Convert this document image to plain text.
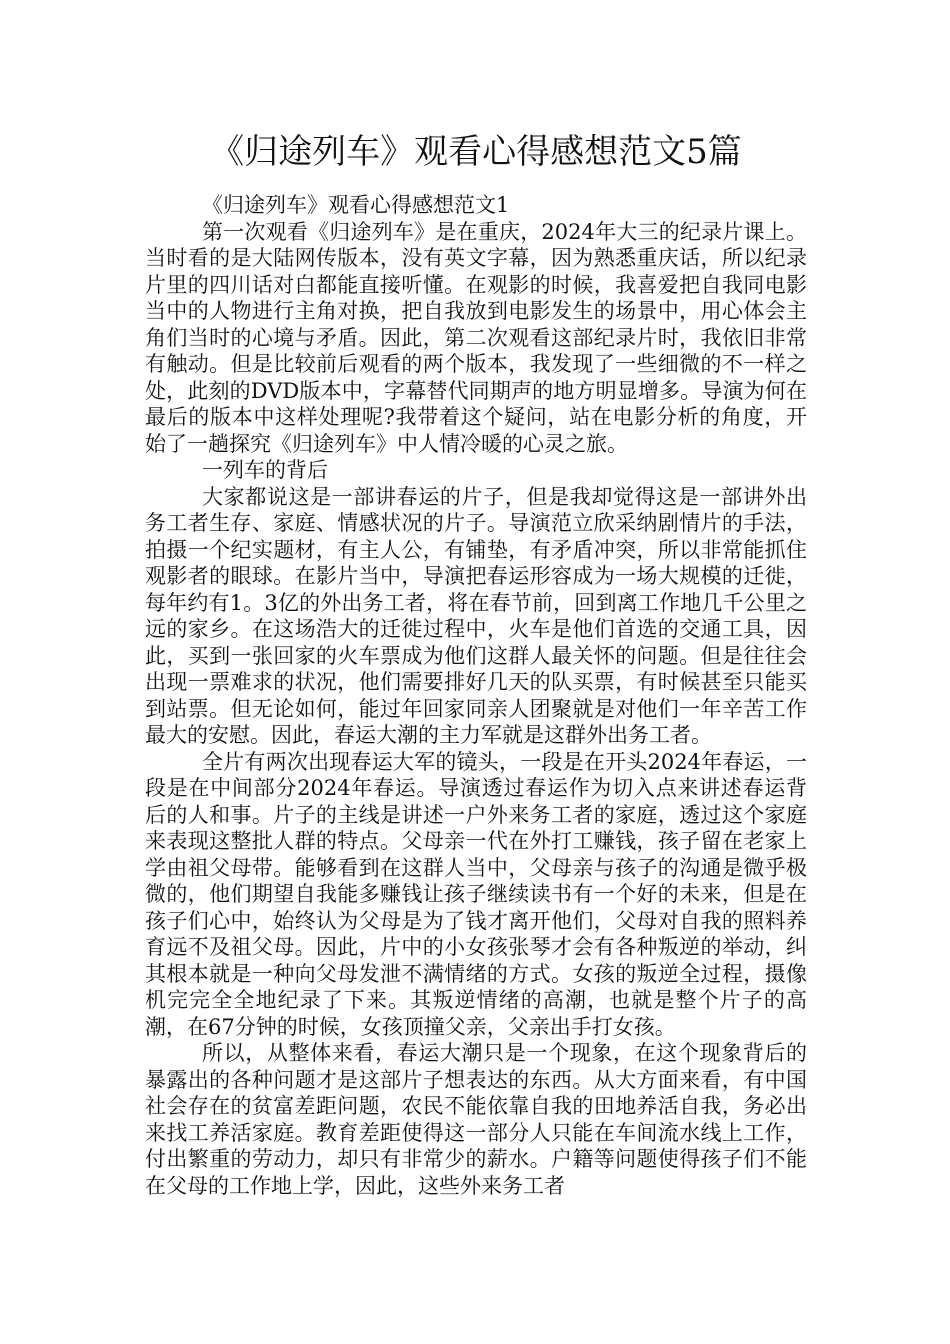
《归途列车》观看心得感想范文5篇

《归途列车》观看心得感想范文1

第一次观看《归途列车》是在重庆，2024年大三的纪录片课上。当时看的是大陆网传版本，没有英文字幕，因为熟悉重庆话，所以纪录片里的四川话对白都能直接听懂。在观影的时候，我喜爱把自我同电影当中的人物进行主角对换，把自我放到电影发生的场景中，用心体会主角们当时的心境与矛盾。因此，第二次观看这部纪录片时，我依旧非常有触动。但是比较前后观看的两个版本，我发现了一些细微的不一样之处，此刻的DVD版本中，字幕替代同期声的地方明显增多。导演为何在最后的版本中这样处理呢?我带着这个疑问，站在电影分析的角度，开始了一趟探究《归途列车》中人情冷暖的心灵之旅。

一列车的背后

大家都说这是一部讲春运的片子，但是我却觉得这是一部讲外出务工者生存、家庭、情感状况的片子。导演范立欣采纳剧情片的手法，拍摄一个纪实题材，有主人公，有铺垫，有矛盾冲突，所以非常能抓住观影者的眼球。在影片当中，导演把春运形容成为一场大规模的迁徙，每年约有1。3亿的外出务工者，将在春节前，回到离工作地几千公里之远的家乡。在这场浩大的迁徙过程中，火车是他们首选的交通工具，因此，买到一张回家的火车票成为他们这群人最关怀的问题。但是往往会出现一票难求的状况，他们需要排好几天的队买票，有时候甚至只能买到站票。但无论如何，能过年回家同亲人团聚就是对他们一年辛苦工作最大的安慰。因此，春运大潮的主力军就是这群外出务工者。

全片有两次出现春运大军的镜头，一段是在开头2024年春运，一段是在中间部分2024年春运。导演透过春运作为切入点来讲述春运背后的人和事。片子的主线是讲述一户外来务工者的家庭，透过这个家庭来表现这整批人群的特点。父母亲一代在外打工赚钱，孩子留在老家上学由祖父母带。能够看到在这群人当中，父母亲与孩子的沟通是微乎极微的，他们期望自我能多赚钱让孩子继续读书有一个好的未来，但是在孩子们心中，始终认为父母是为了钱才离开他们，父母对自我的照料养育远不及祖父母。因此，片中的小女孩张琴才会有各种叛逆的举动，纠其根本就是一种向父母发泄不满情绪的方式。女孩的叛逆全过程，摄像机完完全全地纪录了下来。其叛逆情绪的高潮，也就是整个片子的高潮，在67分钟的时候，女孩顶撞父亲，父亲出手打女孩。

所以，从整体来看，春运大潮只是一个现象，在这个现象背后的暴露出的各种问题才是这部片子想表达的东西。从大方面来看，有中国社会存在的贫富差距问题，农民不能依靠自我的田地养活自我，务必出来找工养活家庭。教育差距使得这一部分人只能在车间流水线上工作，付出繁重的劳动力，却只有非常少的薪水。户籍等问题使得孩子们不能在父母的工作地上学，因此，这些外来务工者
